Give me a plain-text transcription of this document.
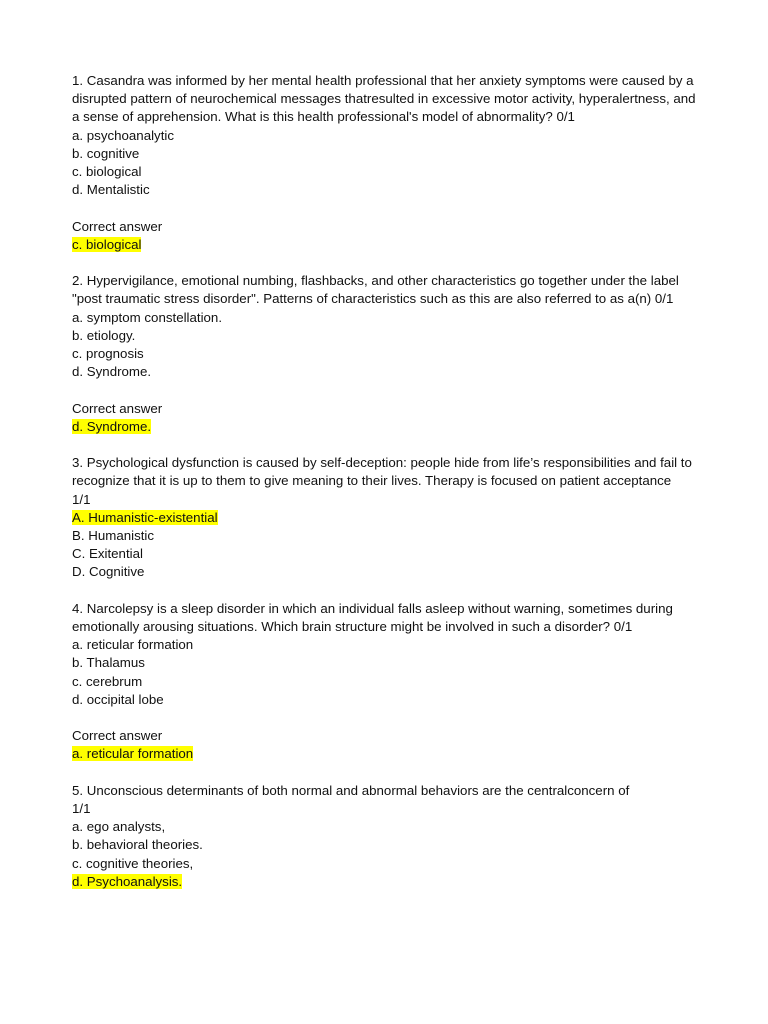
1. Casandra was informed by her mental health professional that her anxiety symptoms were caused by a
disrupted pattern of neurochemical messages thatresulted in excessive motor activity, hyperalertness, and
a sense of apprehension. What is this health professional's model of abnormality? 0/1
a. psychoanalytic
b. cognitive
c. biological
d. Mentalistic
Correct answer
c. biological
2. Hypervigilance, emotional numbing, flashbacks, and other characteristics go together under the label
"post traumatic stress disorder". Patterns of characteristics such as this are also referred to as a(n) 0/1
a. symptom constellation.
b. etiology.
c. prognosis
d. Syndrome.
Correct answer
d. Syndrome.
3. Psychological dysfunction is caused by self-deception: people hide from life’s responsibilities and fail to
recognize that it is up to them to give meaning to their lives. Therapy is focused on patient acceptance
1/1
A. Humanistic-existential
B. Humanistic
C. Exitential
D. Cognitive
4. Narcolepsy is a sleep disorder in which an individual falls asleep without warning, sometimes during
emotionally arousing situations. Which brain structure might be involved in such a disorder? 0/1
a. reticular formation
b. Thalamus
c. cerebrum
d. occipital lobe
Correct answer
a. reticular formation
5. Unconscious determinants of both normal and abnormal behaviors are the centralconcern of
1/1
a. ego analysts,
b. behavioral theories.
c. cognitive theories,
d. Psychoanalysis.
